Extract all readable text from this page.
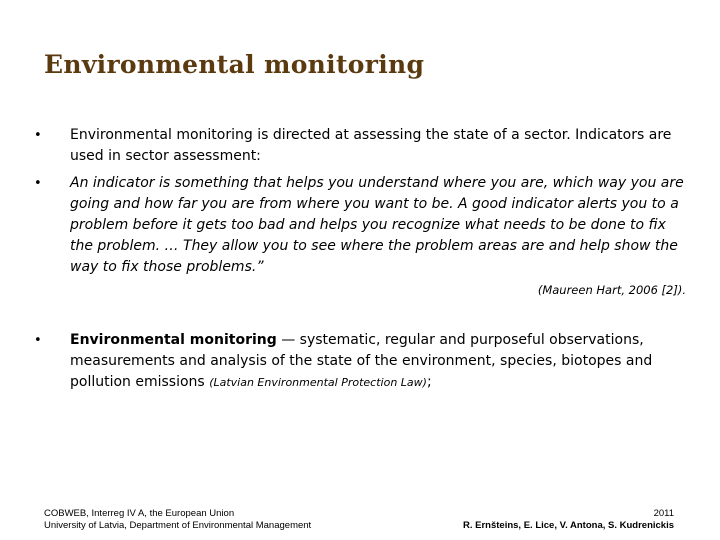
Environmental monitoring
•	Environmental monitoring is directed at assessing the state of a sector. Indicators are used in sector assessment:

•	An indicator is something that helps you understand where you are, which way you are going and how far you are from where you want to be. A good indicator alerts you to a problem before it gets too bad and helps you recognize what needs to be done to fix the problem. … They allow you to see where the problem areas are and help show the way to fix those problems.”

(Maureen Hart, 2006 [2]).
•	Environmental monitoring — systematic, regular and purposeful observations, measurements and analysis of the state of the environment, species, biotopes and pollution emissions (Latvian Environmental Protection Law);

COBWEB, Interreg IV A, the European Union
University of Latvia, Department of Environmental Management
2011
R. Ernšteins, E. Lice, V. Antona, S. Kudrenickis
